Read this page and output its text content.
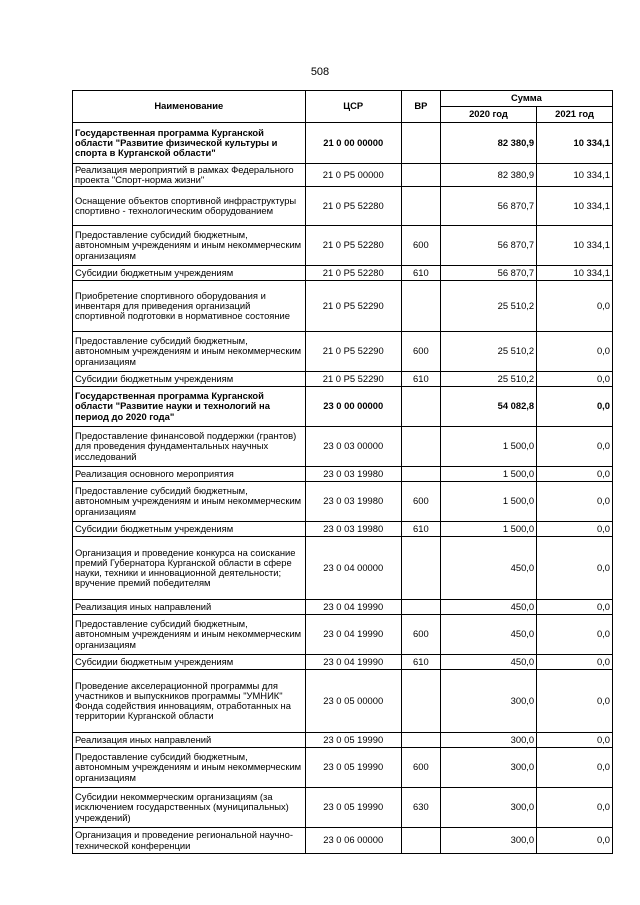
508
Наименование	ЦСР	ВР	Сумма	
			2020 год	2021 год
Государственная программа Курганской области "Развитие физической культуры и спорта в Курганской области"	21 0 00 00000		82 380,9	10 334,1
Реализация мероприятий в рамках Федерального проекта "Спорт-норма жизни"	21 0 P5 00000		82 380,9	10 334,1
Оснащение объектов спортивной инфраструктуры спортивно - технологическим оборудованием	21 0 P5 52280		56 870,7	10 334,1
Предоставление субсидий бюджетным, автономным учреждениям и иным некоммерческим организациям	21 0 P5 52280	600	56 870,7	10 334,1
Субсидии бюджетным учреждениям	21 0 P5 52280	610	56 870,7	10 334,1
Приобретение спортивного оборудования и инвентаря для приведения организаций спортивной подготовки в нормативное состояние	21 0 P5 52290		25 510,2	0,0
Предоставление субсидий бюджетным, автономным учреждениям и иным некоммерческим организациям	21 0 P5 52290	600	25 510,2	0,0
Субсидии бюджетным учреждениям	21 0 P5 52290	610	25 510,2	0,0
Государственная программа Курганской области "Развитие науки и технологий на период до 2020 года"	23 0 00 00000		54 082,8	0,0
Предоставление финансовой поддержки (грантов) для проведения фундаментальных научных исследований	23 0 03 00000		1 500,0	0,0
Реализация основного мероприятия	23 0 03 19980		1 500,0	0,0
Предоставление субсидий бюджетным, автономным учреждениям и иным некоммерческим организациям	23 0 03 19980	600	1 500,0	0,0
Субсидии бюджетным учреждениям	23 0 03 19980	610	1 500,0	0,0
Организация и проведение конкурса на соискание премий Губернатора Курганской области в сфере науки, техники и инновационной деятельности; вручение премий победителям	23 0 04 00000		450,0	0,0
Реализация иных направлений	23 0 04 19990		450,0	0,0
Предоставление субсидий бюджетным, автономным учреждениям и иным некоммерческим организациям	23 0 04 19990	600	450,0	0,0
Субсидии бюджетным учреждениям	23 0 04 19990	610	450,0	0,0
Проведение акселерационной программы для участников и выпускников программы "УМНИК" Фонда содействия инновациям, отработанных на территории Курганской области	23 0 05 00000		300,0	0,0
Реализация иных направлений	23 0 05 19990		300,0	0,0
Предоставление субсидий бюджетным, автономным учреждениям и иным некоммерческим организациям	23 0 05 19990	600	300,0	0,0
Субсидии некоммерческим организациям (за исключением государственных (муниципальных) учреждений)	23 0 05 19990	630	300,0	0,0
Организация и проведение региональной научно-технической конференции	23 0 06 00000		300,0	0,0
